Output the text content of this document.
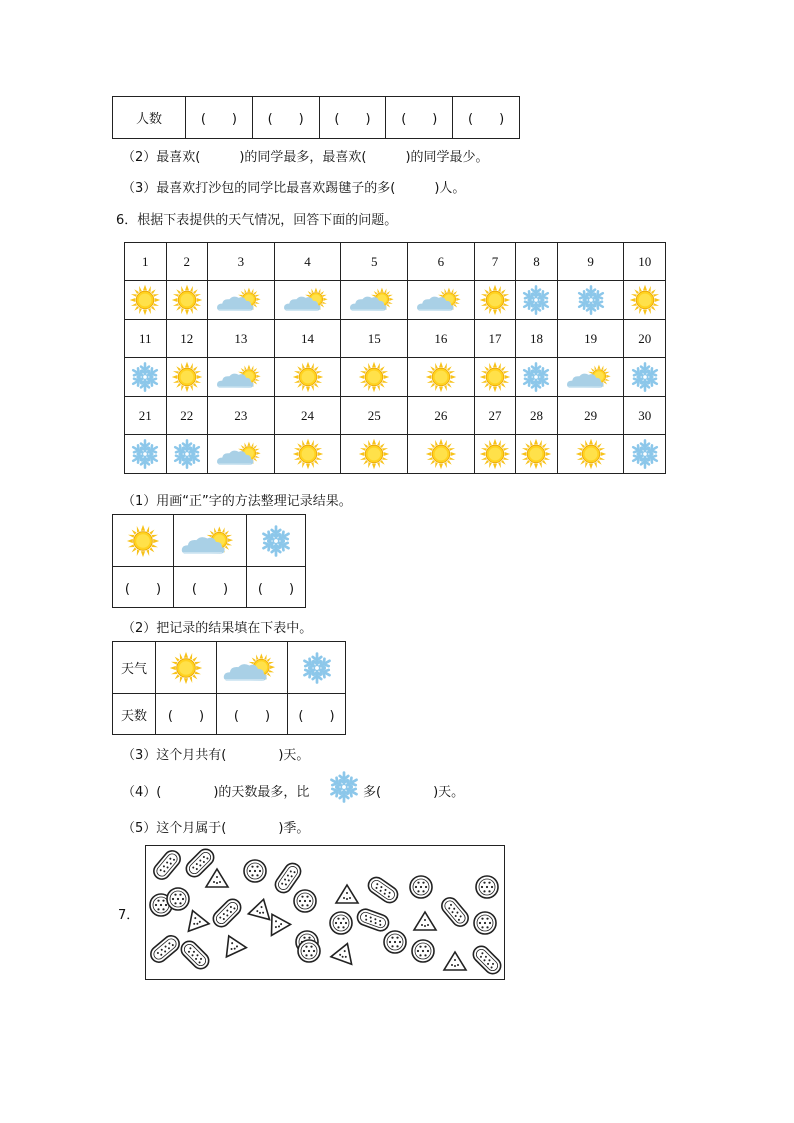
人数	(　　)	(　　)	(　　)	(　　)	(　　)
（2）最喜欢(　　　)的同学最多，最喜欢(　　　)的同学最少。
（3）最喜欢打沙包的同学比最喜欢踢毽子的多(　　　)人。
6．根据下表提供的天气情况，回答下面的问题。
1	2	3	4	5	6	7	8	9	10

11	12	13	14	15	16	17	18	19	20

21	22	23	24	25	26	27	28	29	30

（1）用画“正”字的方法整理记录结果。

(　　)	(　　)	(　　)
（2）把记录的结果填在下表中。
天气	

天数	(　　)	(　　)	(　　)
（3）这个月共有(　　　　)天。
（4）(　　　　)的天数最多，比	多(　　　　)天。
（5）这个月属于(　　　　)季。
7．
